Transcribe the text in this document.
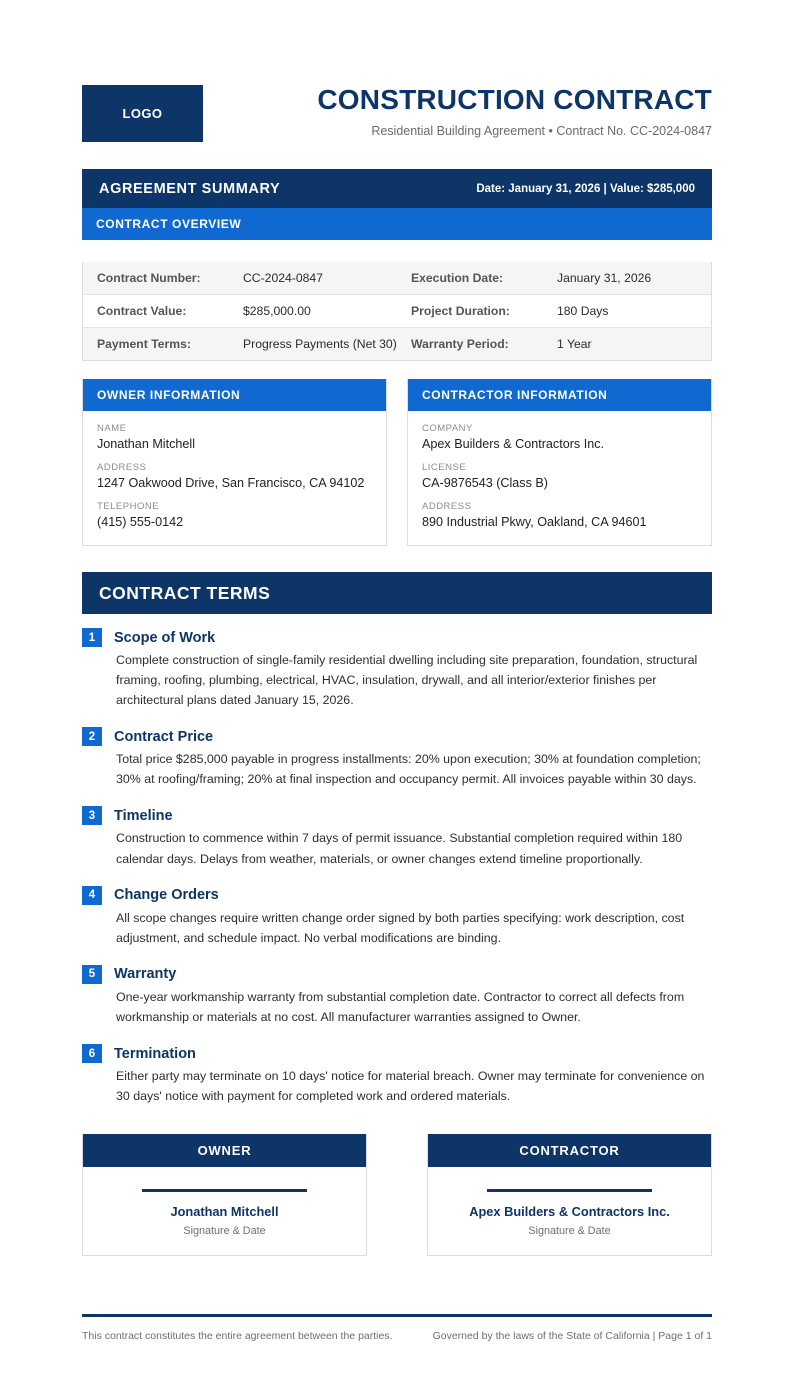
LOGO	CONSTRUCTION CONTRACT
Residential Building Agreement • Contract No. CC-2024-0847
AGREEMENT SUMMARY	Date: January 31, 2026 | Value: $285,000
CONTRACT OVERVIEW
Contract Number:	CC-2024-0847	Execution Date:	January 31, 2026
Contract Value:	$285,000.00	Project Duration:	180 Days
Payment Terms:	Progress Payments (Net 30)	Warranty Period:	1 Year
OWNER INFORMATION
NAME
Jonathan Mitchell
ADDRESS
1247 Oakwood Drive, San Francisco, CA 94102
TELEPHONE
(415) 555-0142
CONTRACTOR INFORMATION
COMPANY
Apex Builders & Contractors Inc.
LICENSE
CA-9876543 (Class B)
ADDRESS
890 Industrial Pkwy, Oakland, CA 94601
CONTRACT TERMS
1	Scope of Work
Complete construction of single-family residential dwelling including site preparation, foundation, structural framing, roofing, plumbing, electrical, HVAC, insulation, drywall, and all interior/exterior finishes per architectural plans dated January 15, 2026.
2	Contract Price
Total price $285,000 payable in progress installments: 20% upon execution; 30% at foundation completion; 30% at roofing/framing; 20% at final inspection and occupancy permit. All invoices payable within 30 days.
3	Timeline
Construction to commence within 7 days of permit issuance. Substantial completion required within 180 calendar days. Delays from weather, materials, or owner changes extend timeline proportionally.
4	Change Orders
All scope changes require written change order signed by both parties specifying: work description, cost adjustment, and schedule impact. No verbal modifications are binding.
5	Warranty
One-year workmanship warranty from substantial completion date. Contractor to correct all defects from workmanship or materials at no cost. All manufacturer warranties assigned to Owner.
6	Termination
Either party may terminate on 10 days' notice for material breach. Owner may terminate for convenience on 30 days' notice with payment for completed work and ordered materials.
OWNER
Jonathan Mitchell
Signature & Date
CONTRACTOR
Apex Builders & Contractors Inc.
Signature & Date
This contract constitutes the entire agreement between the parties.	Governed by the laws of the State of California | Page 1 of 1
